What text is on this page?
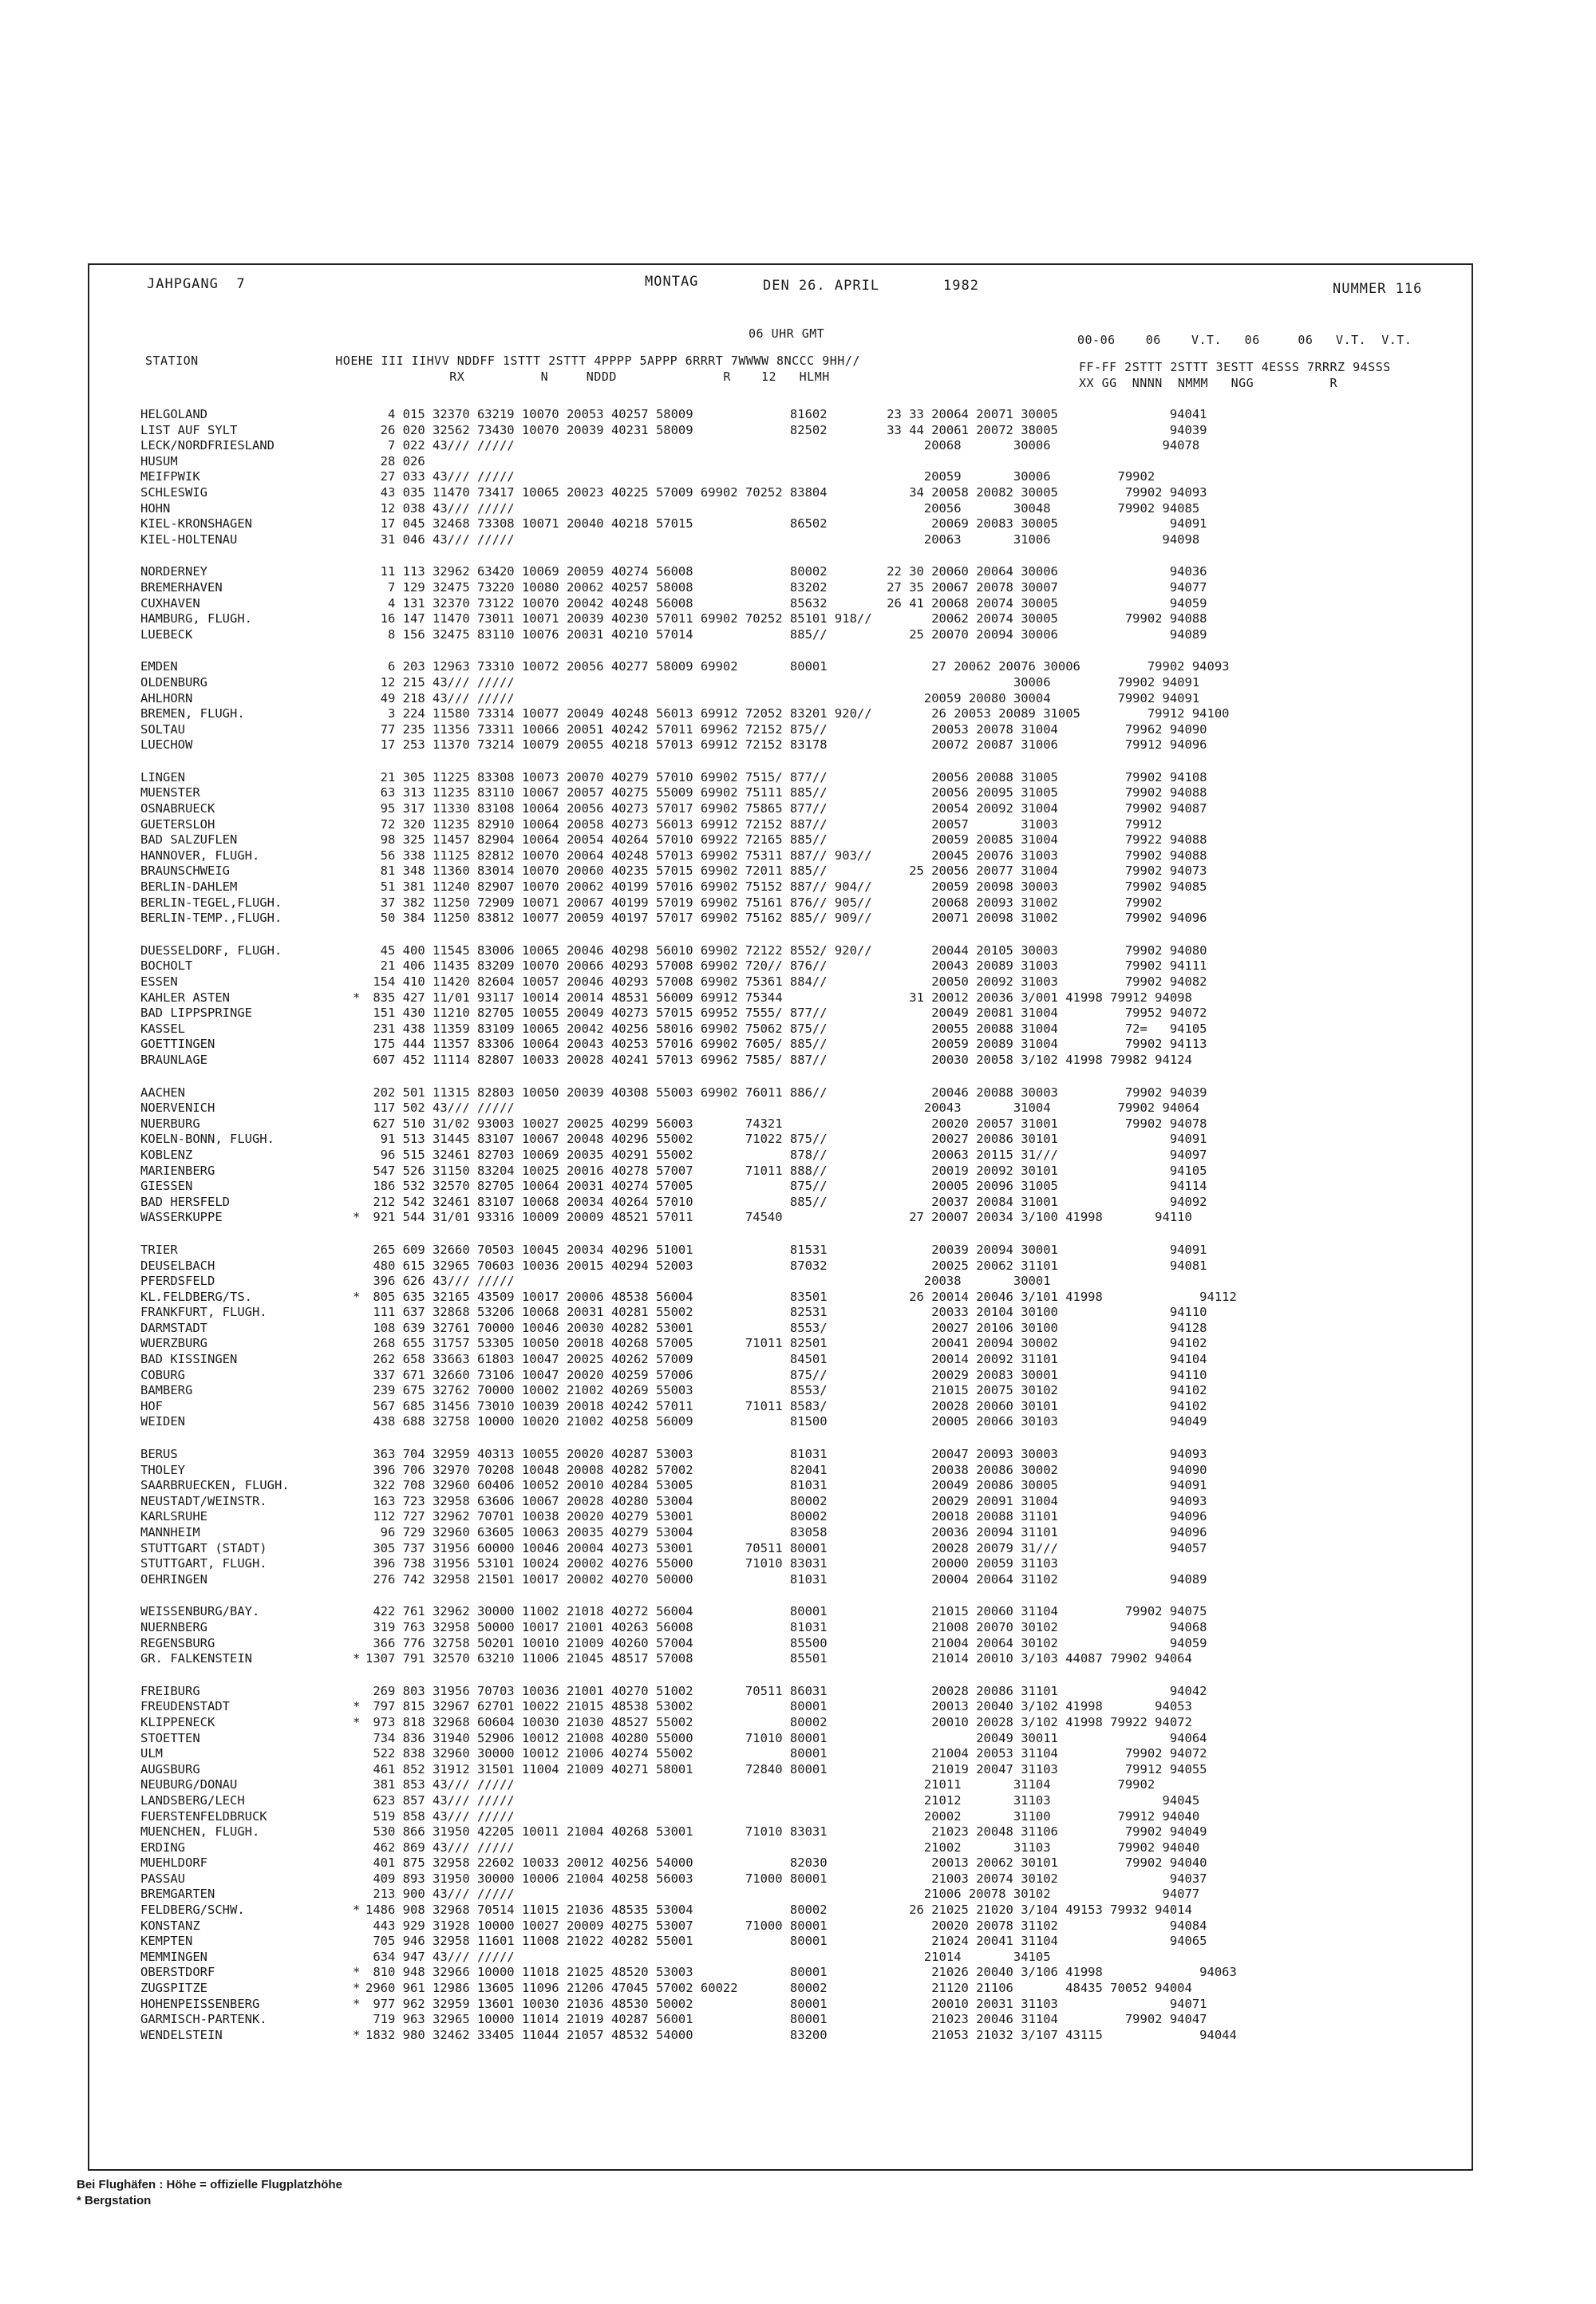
JAHPGANG  7	MONTAG	DEN 26. APRIL	1982	NUMMER 116
06 UHR GMT	00-06    06    V.T.   06     06   V.T.  V.T.
STATION                  HOEHE III IIHVV NDDFF 1STTT 2STTT 4PPPP 5APPP 6RRRT 7WWWW 8NCCC 9HH//
RX          N     NDDD              R    12   HLMH
FF-FF 2STTT 2STTT 3ESTT 4ESSS 7RRRZ 94SSS
XX GG  NNNN  NMMM   NGG          R
HELGOLAND	4 015 32370 63219 10070 20053 40257 58009             81602        23 33 20064 20071 30005               94041
LIST AUF SYLT	26 020 32562 73430 10070 20039 40231 58009             82502        33 44 20061 20072 38005               94039
LECK/NORDFRIESLAND	7 022 43/// /////                                                       20068       30006               94078
HUSUM	28 026
MEIFPWIK	27 033 43/// /////                                                       20059       30006         79902
SCHLESWIG	43 035 11470 73417 10065 20023 40225 57009 69902 70252 83804           34 20058 20082 30005         79902 94093
HOHN	12 038 43/// /////                                                       20056       30048         79902 94085
KIEL-KRONSHAGEN	17 045 32468 73308 10071 20040 40218 57015             86502              20069 20083 30005               94091
KIEL-HOLTENAU	31 046 43/// /////                                                       20063       31006               94098
NORDERNEY	11 113 32962 63420 10069 20059 40274 56008             80002        22 30 20060 20064 30006               94036
BREMERHAVEN	7 129 32475 73220 10080 20062 40257 58008             83202        27 35 20067 20078 30007               94077
CUXHAVEN	4 131 32370 73122 10070 20042 40248 56008             85632        26 41 20068 20074 30005               94059
HAMBURG, FLUGH.	16 147 11470 73011 10071 20039 40230 57011 69902 70252 85101 918//        20062 20074 30005         79902 94088
LUEBECK	8 156 32475 83110 10076 20031 40210 57014             885//           25 20070 20094 30006               94089
EMDEN	6 203 12963 73310 10072 20056 40277 58009 69902       80001              27 20062 20076 30006         79902 94093
OLDENBURG	12 215 43/// /////                                                                   30006         79902 94091
AHLHORN	49 218 43/// /////                                                       20059 20080 30004         79902 94091
BREMEN, FLUGH.	3 224 11580 73314 10077 20049 40248 56013 69912 72052 83201 920//        26 20053 20089 31005         79912 94100
SOLTAU	77 235 11356 73311 10066 20051 40242 57011 69962 72152 875//              20053 20078 31004         79962 94090
LUECHOW	17 253 11370 73214 10079 20055 40218 57013 69912 72152 83178              20072 20087 31006         79912 94096
LINGEN	21 305 11225 83308 10073 20070 40279 57010 69902 7515/ 877//              20056 20088 31005         79902 94108
MUENSTER	63 313 11235 83110 10067 20057 40275 55009 69902 75111 885//              20056 20095 31005         79902 94088
OSNABRUECK	95 317 11330 83108 10064 20056 40273 57017 69902 75865 877//              20054 20092 31004         79902 94087
GUETERSLOH	72 320 11235 82910 10064 20058 40273 56013 69912 72152 887//              20057       31003         79912
BAD SALZUFLEN	98 325 11457 82904 10064 20054 40264 57010 69922 72165 885//              20059 20085 31004         79922 94088
HANNOVER, FLUGH.	56 338 11125 82812 10070 20064 40248 57013 69902 75311 887// 903//        20045 20076 31003         79902 94088
BRAUNSCHWEIG	81 348 11360 83014 10070 20060 40235 57015 69902 72011 885//           25 20056 20077 31004         79902 94073
BERLIN-DAHLEM	51 381 11240 82907 10070 20062 40199 57016 69902 75152 887// 904//        20059 20098 30003         79902 94085
BERLIN-TEGEL,FLUGH.	37 382 11250 72909 10071 20067 40199 57019 69902 75161 876// 905//        20068 20093 31002         79902
BERLIN-TEMP.,FLUGH.	50 384 11250 83812 10077 20059 40197 57017 69902 75162 885// 909//        20071 20098 31002         79902 94096
DUESSELDORF, FLUGH.	45 400 11545 83006 10065 20046 40298 56010 69902 72122 8552/ 920//        20044 20105 30003         79902 94080
BOCHOLT	21 406 11435 83209 10070 20066 40293 57008 69902 720// 876//              20043 20089 31003         79902 94111
ESSEN	154 410 11420 82604 10057 20046 40293 57008 69902 75361 884//              20050 20092 31003         79902 94082
KAHLER ASTEN	* 835 427 11/01 93117 10014 20014 48531 56009 69912 75344                 31 20012 20036 3/001 41998 79912 94098
BAD LIPPSPRINGE	151 430 11210 82705 10055 20049 40273 57015 69952 7555/ 877//              20049 20081 31004         79952 94072
KASSEL	231 438 11359 83109 10065 20042 40256 58016 69902 75062 875//              20055 20088 31004         72=   94105
GOETTINGEN	175 444 11357 83306 10064 20043 40253 57016 69902 7605/ 885//              20059 20089 31004         79902 94113
BRAUNLAGE	607 452 11114 82807 10033 20028 40241 57013 69962 7585/ 887//              20030 20058 3/102 41998 79982 94124
AACHEN	202 501 11315 82803 10050 20039 40308 55003 69902 76011 886//              20046 20088 30003         79902 94039
NOERVENICH	117 502 43/// /////                                                       20043       31004         79902 94064
NUERBURG	627 510 31/02 93003 10027 20025 40299 56003       74321                    20020 20057 31001         79902 94078
KOELN-BONN, FLUGH.	91 513 31445 83107 10067 20048 40296 55002       71022 875//              20027 20086 30101               94091
KOBLENZ	96 515 32461 82703 10069 20035 40291 55002             878//              20063 20115 31///               94097
MARIENBERG	547 526 31150 83204 10025 20016 40278 57007       71011 888//              20019 20092 30101               94105
GIESSEN	186 532 32570 82705 10064 20031 40274 57005             875//              20005 20096 31005               94114
BAD HERSFELD	212 542 32461 83107 10068 20034 40264 57010             885//              20037 20084 31001               94092
WASSERKUPPE	* 921 544 31/01 93316 10009 20009 48521 57011       74540                 27 20007 20034 3/100 41998       94110
TRIER	265 609 32660 70503 10045 20034 40296 51001             81531              20039 20094 30001               94091
DEUSELBACH	480 615 32965 70603 10036 20015 40294 52003             87032              20025 20062 31101               94081
PFERDSFELD	396 626 43/// /////                                                       20038       30001
KL.FELDBERG/TS.	* 805 635 32165 43509 10017 20006 48538 56004             83501           26 20014 20046 3/101 41998             94112
FRANKFURT, FLUGH.	111 637 32868 53206 10068 20031 40281 55002             82531              20033 20104 30100               94110
DARMSTADT	108 639 32761 70000 10046 20030 40282 53001             8553/              20027 20106 30100               94128
WUERZBURG	268 655 31757 53305 10050 20018 40268 57005       71011 82501              20041 20094 30002               94102
BAD KISSINGEN	262 658 33663 61803 10047 20025 40262 57009             84501              20014 20092 31101               94104
COBURG	337 671 32660 73106 10047 20020 40259 57006             875//              20029 20083 30001               94110
BAMBERG	239 675 32762 70000 10002 21002 40269 55003             8553/              21015 20075 30102               94102
HOF	567 685 31456 73010 10039 20018 40242 57011       71011 8583/              20028 20060 30101               94102
WEIDEN	438 688 32758 10000 10020 21002 40258 56009             81500              20005 20066 30103               94049
BERUS	363 704 32959 40313 10055 20020 40287 53003             81031              20047 20093 30003               94093
THOLEY	396 706 32970 70208 10048 20008 40282 57002             82041              20038 20086 30002               94090
SAARBRUECKEN, FLUGH.	322 708 32960 60406 10052 20010 40284 53005             81031              20049 20086 30005               94091
NEUSTADT/WEINSTR.	163 723 32958 63606 10067 20028 40280 53004             80002              20029 20091 31004               94093
KARLSRUHE	112 727 32962 70701 10038 20020 40279 53001             80002              20018 20088 31101               94096
MANNHEIM	96 729 32960 63605 10063 20035 40279 53004             83058              20036 20094 31101               94096
STUTTGART (STADT)	305 737 31956 60000 10046 20004 40273 53001       70511 80001              20028 20079 31///               94057
STUTTGART, FLUGH.	396 738 31956 53101 10024 20002 40276 55000       71010 83031              20000 20059 31103
OEHRINGEN	276 742 32958 21501 10017 20002 40270 50000             81031              20004 20064 31102               94089
WEISSENBURG/BAY.	422 761 32962 30000 11002 21018 40272 56004             80001              21015 20060 31104         79902 94075
NUERNBERG	319 763 32958 50000 10017 21001 40263 56008             81031              21008 20070 30102               94068
REGENSBURG	366 776 32758 50201 10010 21009 40260 57004             85500              21004 20064 30102               94059
GR. FALKENSTEIN	* 1307 791 32570 63210 11006 21045 48517 57008             85501              21014 20010 3/103 44087 79902 94064
FREIBURG	269 803 31956 70703 10036 21001 40270 51002       70511 86031              20028 20086 31101               94042
FREUDENSTADT	* 797 815 32967 62701 10022 21015 48538 53002             80001              20013 20040 3/102 41998       94053
KLIPPENECK	* 973 818 32968 60604 10030 21030 48527 55002             80002              20010 20028 3/102 41998 79922 94072
STOETTEN	734 836 31940 52906 10012 21008 40280 55000       71010 80001                    20049 30011               94064
ULM	522 838 32960 30000 10012 21006 40274 55002             80001              21004 20053 31104         79902 94072
AUGSBURG	461 852 31912 31501 11004 21009 40271 58001       72840 80001              21019 20047 31103         79912 94055
NEUBURG/DONAU	381 853 43/// /////                                                       21011       31104         79902
LANDSBERG/LECH	623 857 43/// /////                                                       21012       31103               94045
FUERSTENFELDBRUCK	519 858 43/// /////                                                       20002       31100         79912 94040
MUENCHEN, FLUGH.	530 866 31950 42205 10011 21004 40268 53001       71010 83031              21023 20048 31106         79902 94049
ERDING	462 869 43/// /////                                                       21002       31103         79902 94040
MUEHLDORF	401 875 32958 22602 10033 20012 40256 54000             82030              20013 20062 30101         79902 94040
PASSAU	409 893 31950 30000 10006 21004 40258 56003       71000 80001              21003 20074 30102               94037
BREMGARTEN	213 900 43/// /////                                                       21006 20078 30102               94077
FELDBERG/SCHW.	* 1486 908 32968 70514 11015 21036 48535 53004             80002           26 21025 21020 3/104 49153 79932 94014
KONSTANZ	443 929 31928 10000 10027 20009 40275 53007       71000 80001              20020 20078 31102               94084
KEMPTEN	705 946 32958 11601 11008 21022 40282 55001             80001              21024 20041 31104               94065
MEMMINGEN	634 947 43/// /////                                                       21014       34105
OBERSTDORF	* 810 948 32966 10000 11018 21025 48520 53003             80001              21026 20040 3/106 41998             94063
ZUGSPITZE	* 2960 961 12986 13605 11096 21206 47045 57002 60022       80002              21120 21106       48435 70052 94004
HOHENPEISSENBERG	* 977 962 32959 13601 10030 21036 48530 50002             80001              20010 20031 31103               94071
GARMISCH-PARTENK.	719 963 32965 10000 11014 21019 40287 56001             80001              21023 20046 31104         79902 94047
WENDELSTEIN	* 1832 980 32462 33405 11044 21057 48532 54000             83200              21053 21032 3/107 43115             94044
Bei Flughäfen : Höhe = offizielle Flugplatzhöhe
* Bergstation
